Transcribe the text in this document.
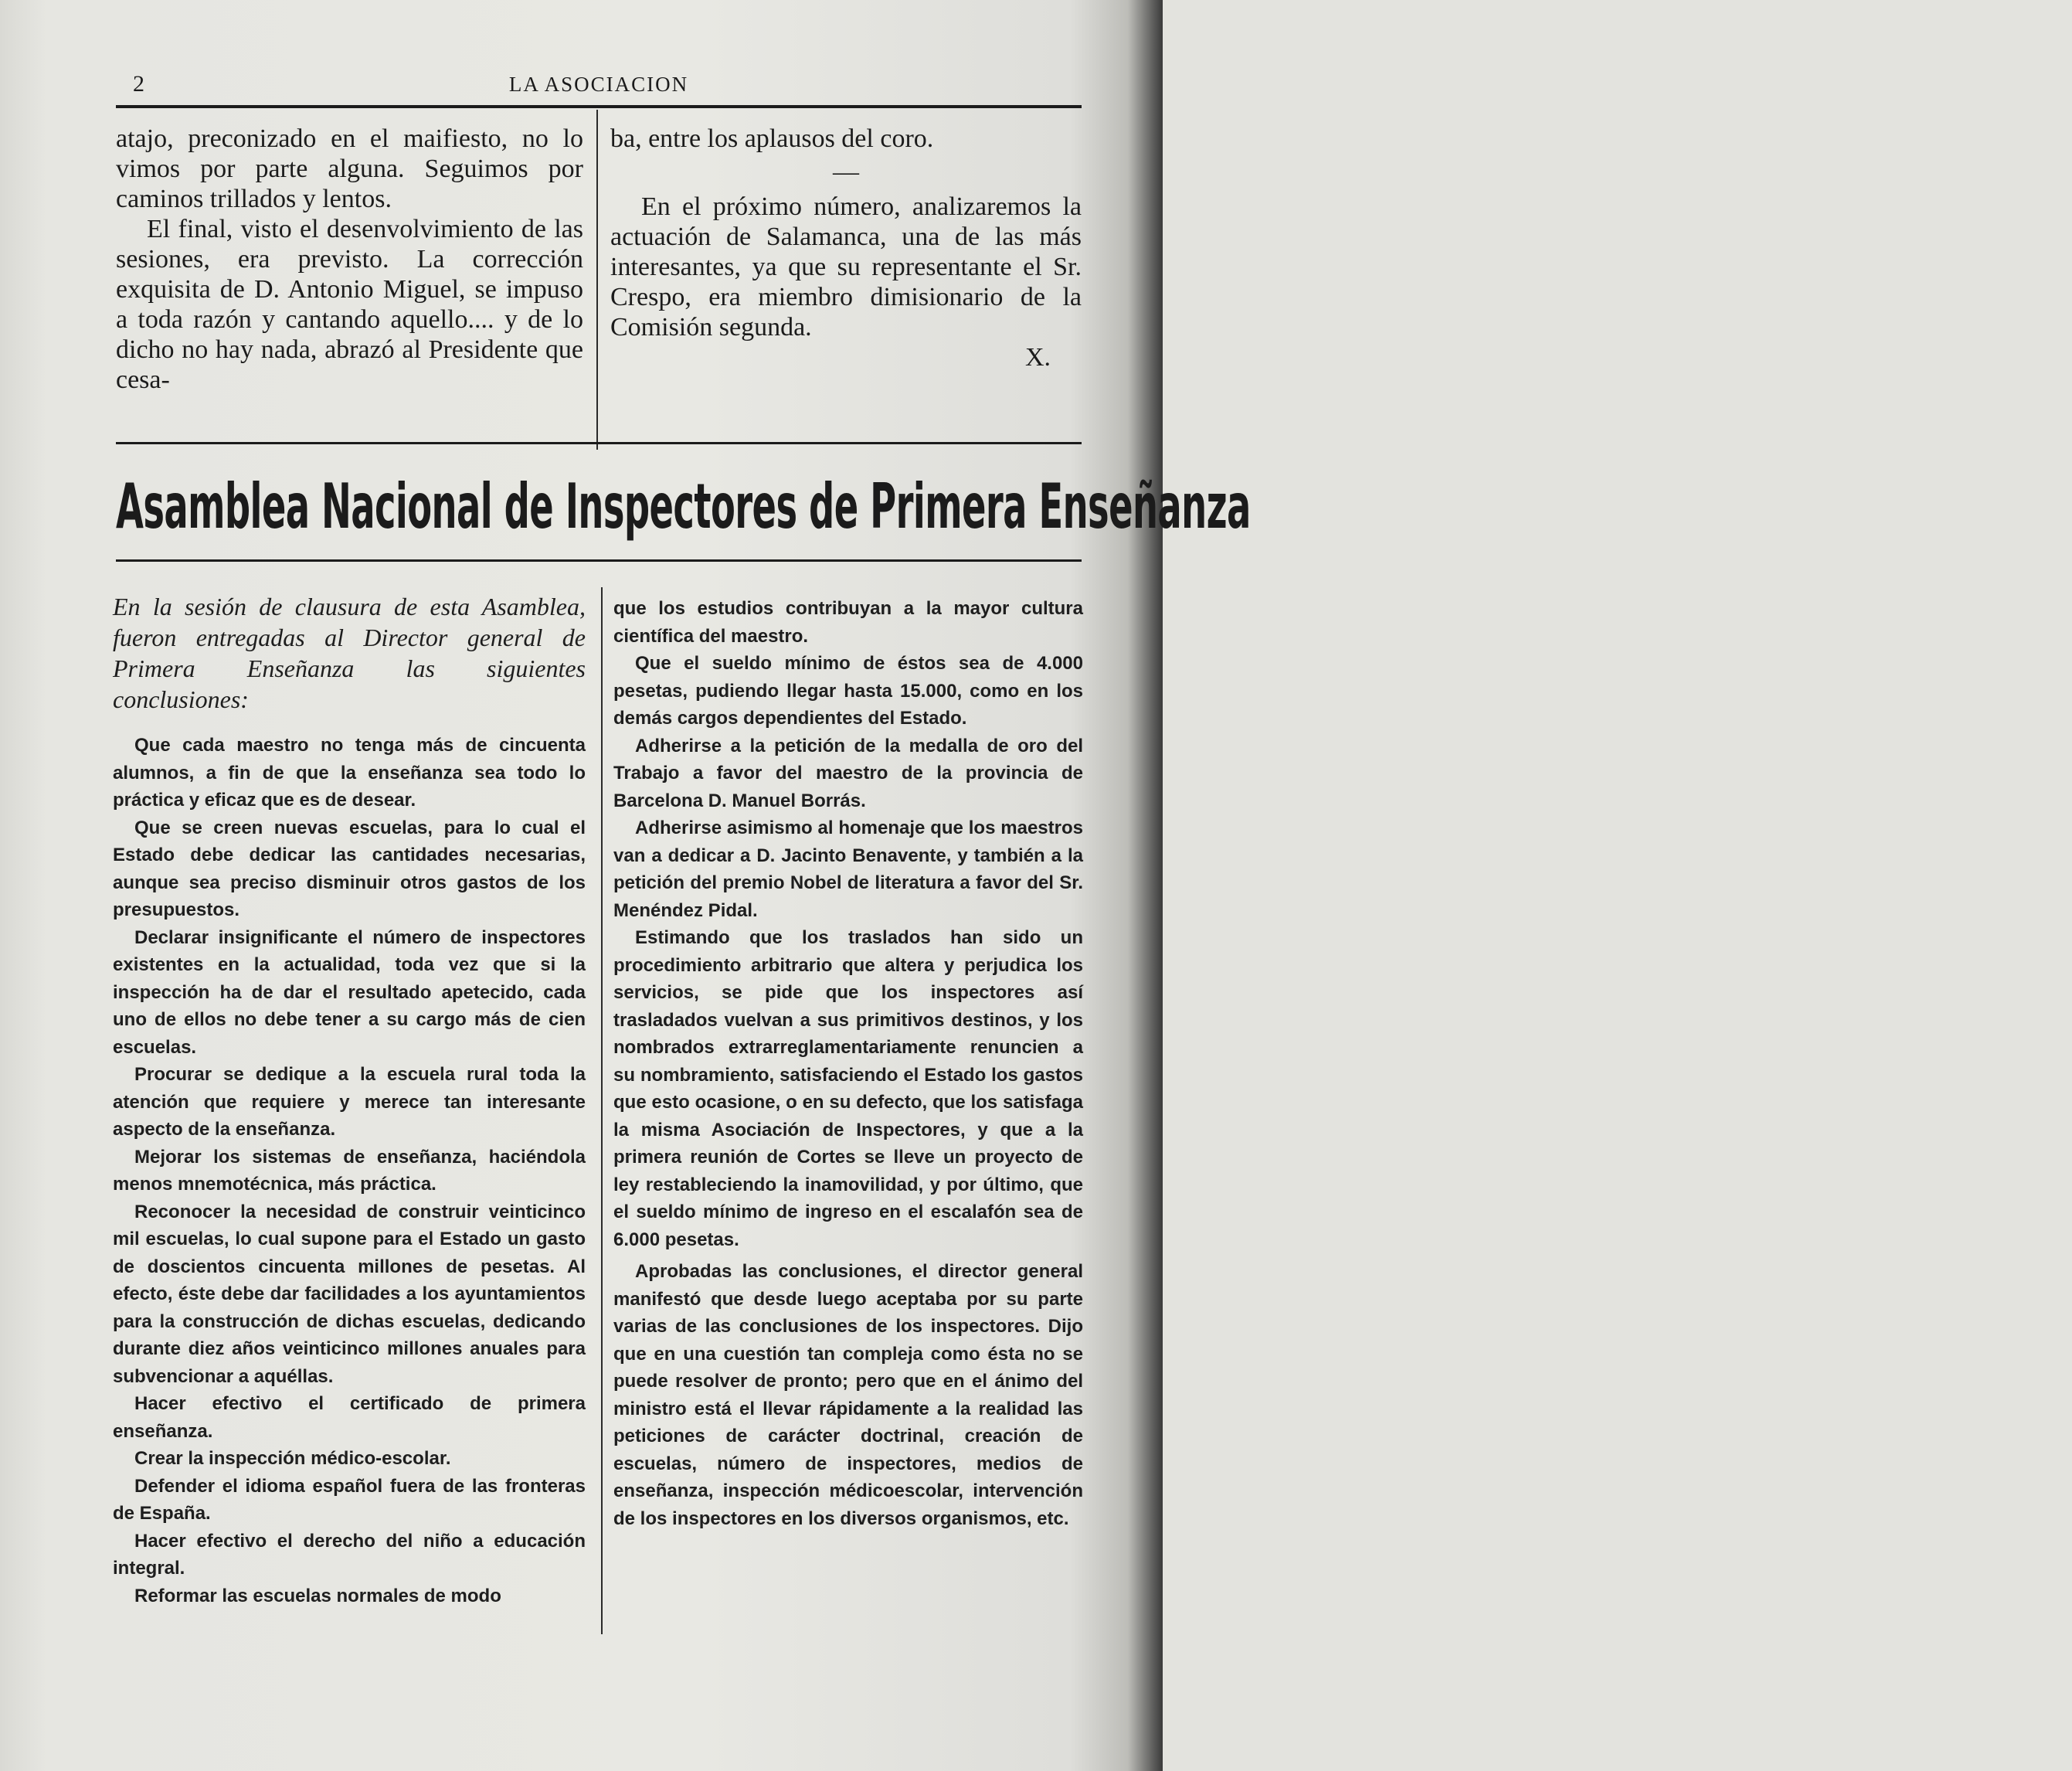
2	LA ASOCIACION

atajo, preconizado en el maifiesto, no lo vimos por parte alguna. Seguimos por caminos trillados y lentos.

El final, visto el desenvolvimiento de las sesiones, era previsto. La corrección exquisita de D. Antonio Miguel, se impuso a toda razón y cantando aquello.... y de lo dicho no hay nada, abrazó al Presidente que cesa-

ba, entre los aplausos del coro.

—

En el próximo número, analizaremos la actuación de Salamanca, una de las más interesantes, ya que su representante el Sr. Crespo, era miembro dimisionario de la Comisión segunda.

X.

Asamblea Nacional de Inspectores de Primera Enseñanza

En la sesión de clausura de esta Asamblea, fueron entregadas al Director general de Primera Enseñanza las siguientes conclusiones:

Que cada maestro no tenga más de cincuenta alumnos, a fin de que la enseñanza sea todo lo práctica y eficaz que es de desear.

Que se creen nuevas escuelas, para lo cual el Estado debe dedicar las cantidades necesarias, aunque sea preciso disminuir otros gastos de los presupuestos.

Declarar insignificante el número de inspectores existentes en la actualidad, toda vez que si la inspección ha de dar el resultado apetecido, cada uno de ellos no debe tener a su cargo más de cien escuelas.

Procurar se dedique a la escuela rural toda la atención que requiere y merece tan interesante aspecto de la enseñanza.

Mejorar los sistemas de enseñanza, haciéndola menos mnemotécnica, más práctica.

Reconocer la necesidad de construir veinticinco mil escuelas, lo cual supone para el Estado un gasto de doscientos cincuenta millones de pesetas. Al efecto, éste debe dar facilidades a los ayuntamientos para la construcción de dichas escuelas, dedicando durante diez años veinticinco millones anuales para subvencionar a aquéllas.

Hacer efectivo el certificado de primera enseñanza.

Crear la inspección médico-escolar.

Defender el idioma español fuera de las fronteras de España.

Hacer efectivo el derecho del niño a educación integral.

Reformar las escuelas normales de modo

que los estudios contribuyan a la mayor cultura científica del maestro.

Que el sueldo mínimo de éstos sea de 4.000 pesetas, pudiendo llegar hasta 15.000, como en los demás cargos dependientes del Estado.

Adherirse a la petición de la medalla de oro del Trabajo a favor del maestro de la provincia de Barcelona D. Manuel Borrás.

Adherirse asimismo al homenaje que los maestros van a dedicar a D. Jacinto Benavente, y también a la petición del premio Nobel de literatura a favor del Sr. Menéndez Pidal.

Estimando que los traslados han sido un procedimiento arbitrario que altera y perjudica los servicios, se pide que los inspectores así trasladados vuelvan a sus primitivos destinos, y los nombrados extrarreglamentariamente renuncien a su nombramiento, satisfaciendo el Estado los gastos que esto ocasione, o en su defecto, que los satisfaga la misma Asociación de Inspectores, y que a la primera reunión de Cortes se lleve un proyecto de ley restableciendo la inamovilidad, y por último, que el sueldo mínimo de ingreso en el escalafón sea de 6.000 pesetas.

Aprobadas las conclusiones, el director general manifestó que desde luego aceptaba por su parte varias de las conclusiones de los inspectores. Dijo que en una cuestión tan compleja como ésta no se puede resolver de pronto; pero que en el ánimo del ministro está el llevar rápidamente a la realidad las peticiones de carácter doctrinal, creación de escuelas, número de inspectores, medios de enseñanza, inspección médicoescolar, intervención de los inspectores en los diversos organismos, etc.
